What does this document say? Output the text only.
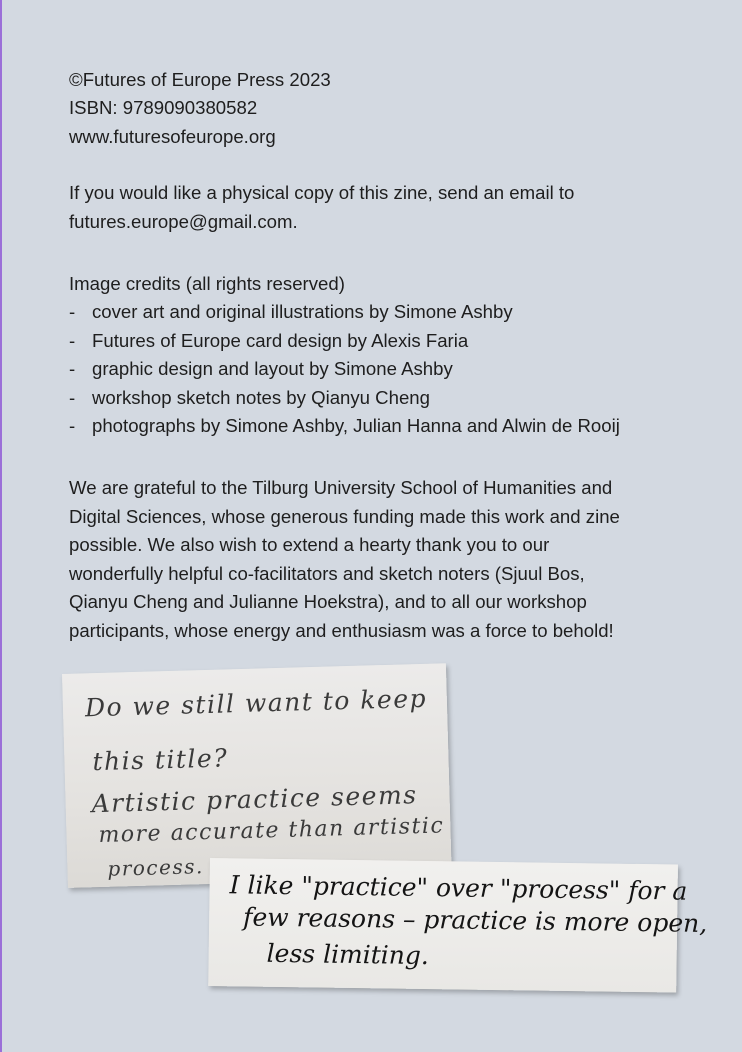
©Futures of Europe Press 2023
ISBN: 9789090380582
www.futuresofeurope.org

If you would like a physical copy of this zine, send an email to
futures.europe@gmail.com.

Image credits (all rights reserved)
- cover art and original illustrations by Simone Ashby
- Futures of Europe card design by Alexis Faria
- graphic design and layout by Simone Ashby
- workshop sketch notes by Qianyu Cheng
- photographs by Simone Ashby, Julian Hanna and Alwin de Rooij

We are grateful to the Tilburg University School of Humanities and
Digital Sciences, whose generous funding made this work and zine
possible. We also wish to extend a hearty thank you to our
wonderfully helpful co-facilitators and sketch noters (Sjuul Bos,
Qianyu Cheng and Julianne Hoekstra), and to all our workshop
participants, whose energy and enthusiasm was a force to behold!

Do we still want to keep
this title?
Artistic practice seems
more accurate than artistic
process.
I like "practice" over "process" for a
few reasons – practice is more open,
less limiting.
